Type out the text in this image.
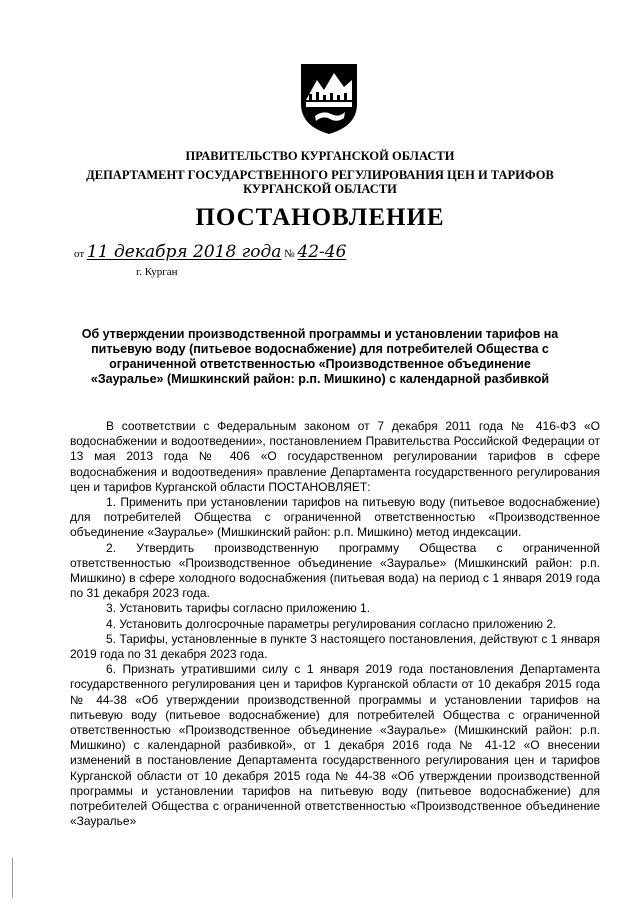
ПРАВИТЕЛЬСТВО КУРГАНСКОЙ ОБЛАСТИ
ДЕПАРТАМЕНТ ГОСУДАРСТВЕННОГО РЕГУЛИРОВАНИЯ ЦЕН И ТАРИФОВ КУРГАНСКОЙ ОБЛАСТИ
ПОСТАНОВЛЕНИЕ
от 11 декабря 2018 года № 42-46
г. Курган
Об утверждении производственной программы и установлении тарифов на питьевую воду (питьевое водоснабжение) для потребителей Общества с ограниченной ответственностью «Производственное объединение «Зауралье» (Мишкинский район: р.п. Мишкино) с календарной разбивкой

В соответствии с Федеральным законом от 7 декабря 2011 года № 416-ФЗ «О водоснабжении и водоотведении», постановлением Правительства Российской Федерации от 13 мая 2013 года № 406 «О государственном регулировании тарифов в сфере водоснабжения и водоотведения» правление Департамента государственного регулирования цен и тарифов Курганской области ПОСТАНОВЛЯЕТ:

1. Применить при установлении тарифов на питьевую воду (питьевое водоснабжение) для потребителей Общества с ограниченной ответственностью «Производственное объединение «Зауралье» (Мишкинский район: р.п. Мишкино) метод индексации.

2. Утвердить производственную программу Общества с ограниченной ответственностью «Производственное объединение «Зауралье» (Мишкинский район: р.п. Мишкино) в сфере холодного водоснабжения (питьевая вода) на период с 1 января 2019 года по 31 декабря 2023 года.

3. Установить тарифы согласно приложению 1.

4. Установить долгосрочные параметры регулирования согласно приложению 2.

5. Тарифы, установленные в пункте 3 настоящего постановления, действуют с 1 января 2019 года по 31 декабря 2023 года.

6. Признать утратившими силу с 1 января 2019 года постановления Департамента государственного регулирования цен и тарифов Курганской области от 10 декабря 2015 года № 44-38 «Об утверждении производственной программы и установлении тарифов на питьевую воду (питьевое водоснабжение) для потребителей Общества с ограниченной ответственностью «Производственное объединение «Зауралье» (Мишкинский район: р.п. Мишкино) с календарной разбивкой», от 1 декабря 2016 года № 41-12 «О внесении изменений в постановление Департамента государственного регулирования цен и тарифов Курганской области от 10 декабря 2015 года № 44-38 «Об утверждении производственной программы и установлении тарифов на питьевую воду (питьевое водоснабжение) для потребителей Общества с ограниченной ответственностью «Производственное объединение «Зауралье»
